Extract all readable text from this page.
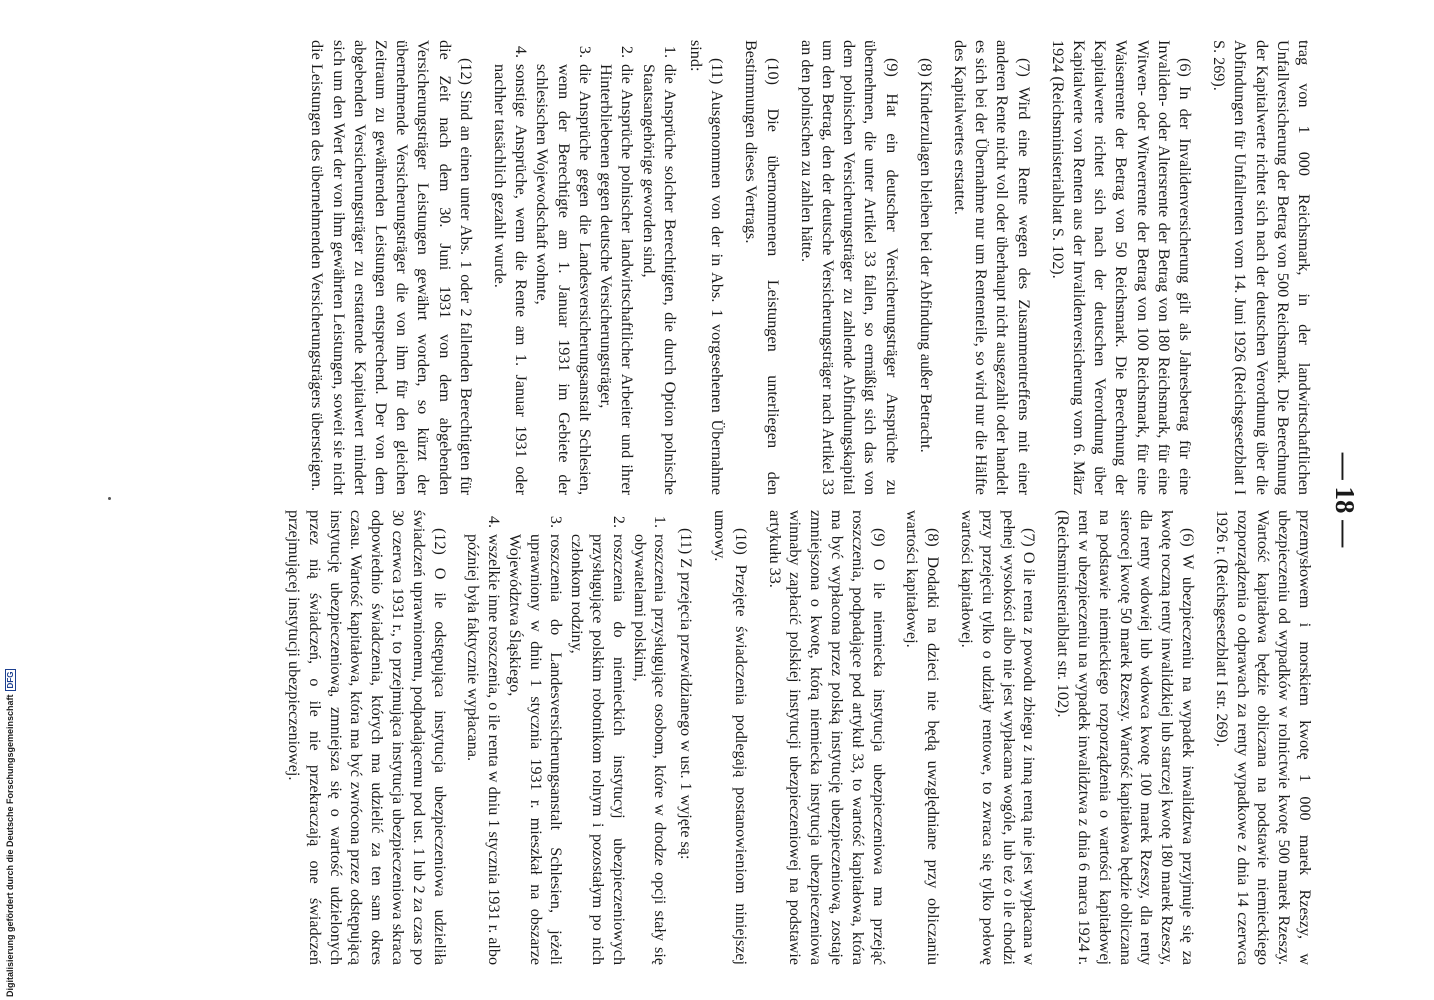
— 18 —

trag von 1 000 Reichsmark, in der landwirtschaftlichen Unfallversicherung der Betrag von 500 Reichsmark. Die Berechnung der Kapitalwerte richtet sich nach der deutschen Verordnung über die Abfindungen für Unfallrenten vom 14. Juni 1926 (Reichsgesetzblatt I S. 269).

(6) In der Invalidenversicherung gilt als Jahresbetrag für eine Invaliden- oder Altersrente der Betrag von 180 Reichsmark, für eine Witwen- oder Witwerrente der Betrag von 100 Reichsmark, für eine Waisenrente der Betrag von 50 Reichsmark. Die Berechnung der Kapitalwerte richtet sich nach der deutschen Verordnung über Kapitalwerte von Renten aus der Invalidenversicherung vom 6. März 1924 (Reichsministerialblatt S. 102).

(7) Wird eine Rente wegen des Zusammentreffens mit einer anderen Rente nicht voll oder überhaupt nicht ausgezahlt oder handelt es sich bei der Übernahme nur um Rententeile, so wird nur die Hälfte des Kapitalwertes erstattet.

(8) Kinderzulagen bleiben bei der Abfindung außer Betracht.

(9) Hat ein deutscher Versicherungsträger Ansprüche zu übernehmen, die unter Artikel 33 fallen, so ermäßigt sich das von dem polnischen Versicherungsträger zu zahlende Abfindungskapital um den Betrag, den der deutsche Versicherungsträger nach Artikel 33 an den polnischen zu zahlen hätte.

(10) Die übernommenen Leistungen unterliegen den Bestimmungen dieses Vertrags.

(11) Ausgenommen von der in Abs. 1 vorgesehenen Übernahme sind:

1.
die Ansprüche solcher Berechtigten, die durch Option polnische Staatsangehörige geworden sind,
2.
die Ansprüche polnischer landwirtschaftlicher Arbeiter und ihrer Hinterbliebenen gegen deutsche Versicherungsträger,
3.
die Ansprüche gegen die Landesversicherungsanstalt Schlesien, wenn der Berechtigte am 1. Januar 1931 im Gebiete der schlesischen Wojewodschaft wohnte,
4.
sonstige Ansprüche, wenn die Rente am 1. Januar 1931 oder nachher tatsächlich gezahlt wurde.

(12) Sind an einen unter Abs. 1 oder 2 fallenden Berechtigten für die Zeit nach dem 30. Juni 1931 von dem abgebenden Versicherungsträger Leistungen gewährt worden, so kürzt der übernehmende Versicherungsträger die von ihm für den gleichen Zeitraum zu gewährenden Leistungen entsprechend. Der von dem abgebenden Versicherungsträger zu erstattende Kapitalwert mindert sich um den Wert der von ihm gewährten Leistungen, soweit sie nicht die Leistungen des übernehmenden Versicherungsträgers übersteigen.

przemysłowem i morskiem kwotę 1 000 marek Rzeszy, w ubezpieczeniu od wypadków w rolnictwie kwotę 500 marek Rzeszy. Wartość kapitałowa będzie obliczana na podstawie niemieckiego rozporządzenia o odprawach za renty wypadkowe z dnia 14 czerwca 1926 r. (Reichsgesetzblatt I str. 269).

(6) W ubezpieczeniu na wypadek inwalidztwa przyjmuje się za kwotę roczną renty inwalidzkiej lub starczej kwotę 180 marek Rzeszy, dla renty wdowiej lub wdowca kwotę 100 marek Rzeszy, dla renty sierocej kwotę 50 marek Rzeszy. Wartość kapitałowa będzie obliczana na podstawie niemieckiego rozporządzenia o wartości kapitałowej rent w ubezpieczeniu na wypadek inwalidztwa z dnia 6 marca 1924 r. (Reichsministerialblatt str. 102).

(7) O ile renta z powodu zbiegu z inną rentą nie jest wypłacana w pełnej wysokości albo nie jest wypłacana wogóle, lub też o ile chodzi przy przejęciu tylko o udziały rentowe, to zwraca się tylko połowę wartości kapitałowej.

(8) Dodatki na dzieci nie będą uwzględniane przy obliczaniu wartości kapitałowej.

(9) O ile niemiecka instytucja ubezpieczeniowa ma przejąć roszczenia, podpadające pod artykuł 33, to wartość kapitałowa, która ma być wypłacona przez polską instytucję ubezpieczeniową, zostaje zmniejszona o kwotę, którą niemiecka instytucja ubezpieczeniowa winnaby zapłacić polskiej instytucji ubezpieczeniowej na podstawie artykułu 33.

(10) Przejęte świadczenia podlegają postanowieniom niniejszej umowy.

(11) Z przejęcia przewidzianego w ust. 1 wyjęte są:

1.
roszczenia przysługujące osobom, które w drodze opcji stały się obywatelami polskimi,
2.
roszczenia do niemieckich instytucyj ubezpieczeniowych przysługujące polskim robotnikom rolnym i pozostałym po nich członkom rodziny,
3.
roszczenia do Landesversicherungsanstalt Schlesien, jeżeli uprawniony w dniu 1 stycznia 1931 r. mieszkał na obszarze Województwa Śląskiego,
4.
wszelkie inne roszczenia, o ile renta w dniu 1 stycznia 1931 r. albo później była faktycznie wypłacana.

(12) O ile odstępująca instytucja ubezpieczeniowa udzieliła świadczeń uprawnionemu, podpadającemu pod ust. 1 lub 2 za czas po 30 czerwca 1931 r., to przejmująca instytucja ubezpieczeniowa skraca odpowiednio świadczenia, których ma udzielić za ten sam okres czasu. Wartość kapitałowa, która ma być zwrócona przez odstępującą instytucję ubezpieczeniową, zmniejsza się o wartość udzielonych przez nią świadczeń, o ile nie przekraczają one świadczeń przejmującej instytucji ubezpieczeniowej.

Digitalisierung gefördert durch die Deutsche ForschungsgemeinschaftDFG
